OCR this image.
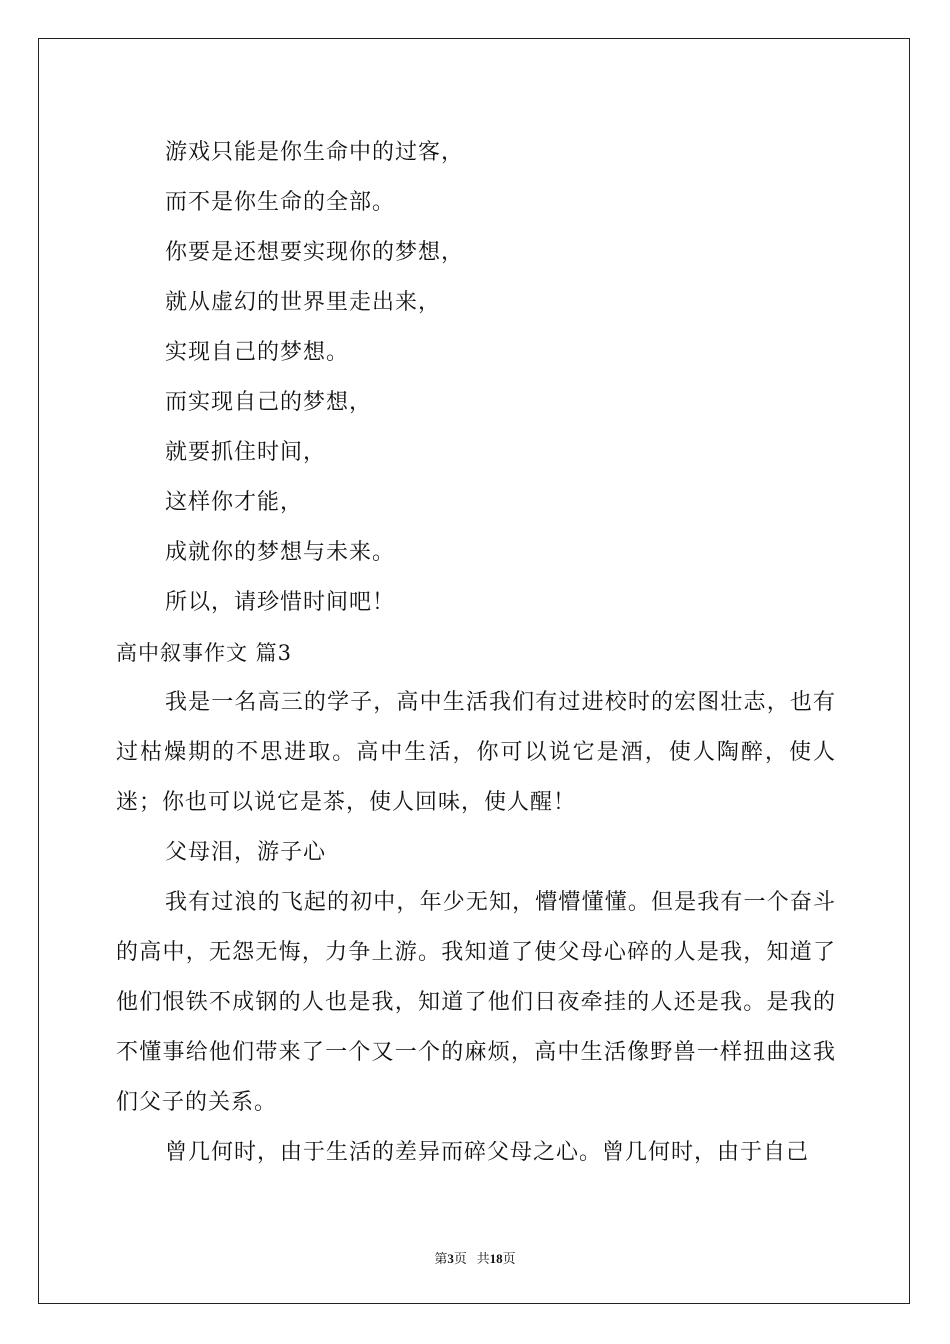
游戏只能是你生命中的过客，
而不是你生命的全部。
你要是还想要实现你的梦想，
就从虚幻的世界里走出来，
实现自己的梦想。
而实现自己的梦想，
就要抓住时间，
这样你才能，
成就你的梦想与未来。
所以，请珍惜时间吧！
高中叙事作文 篇3

我是一名高三的学子，高中生活我们有过进校时的宏图壮志，也有过枯燥期的不思进取。高中生活，你可以说它是酒，使人陶醉，使人迷；你也可以说它是茶，使人回味，使人醒！

父母泪，游子心

我有过浪的飞起的初中，年少无知，懵懵懂懂。但是我有一个奋斗的高中，无怨无悔，力争上游。我知道了使父母心碎的人是我，知道了他们恨铁不成钢的人也是我，知道了他们日夜牵挂的人还是我。是我的不懂事给他们带来了一个又一个的麻烦，高中生活像野兽一样扭曲这我们父子的关系。

曾几何时，由于生活的差异而碎父母之心。曾几何时，由于自己

第3页   共18页
